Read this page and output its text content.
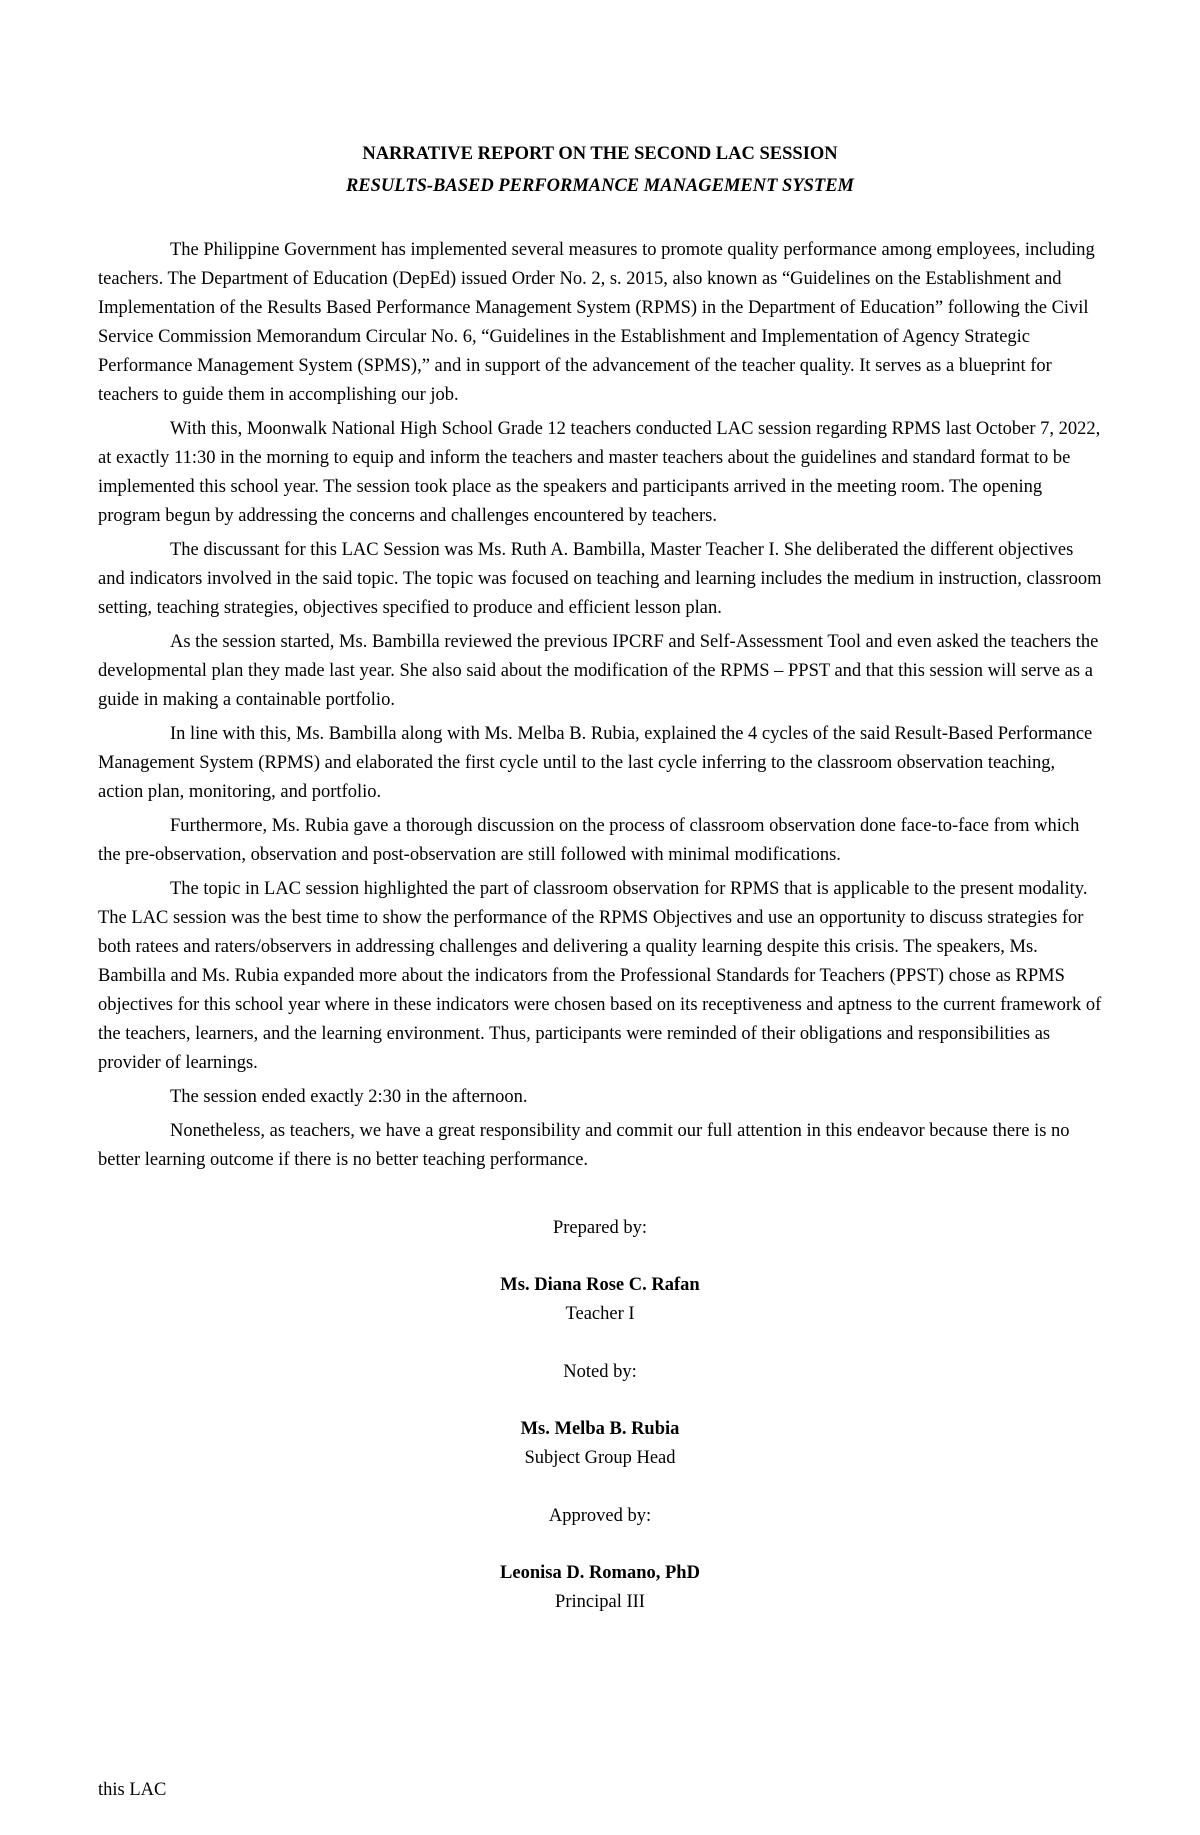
NARRATIVE REPORT ON THE SECOND LAC SESSION

RESULTS-BASED PERFORMANCE MANAGEMENT SYSTEM

The Philippine Government has implemented several measures to promote quality performance among employees, including teachers. The Department of Education (DepEd) issued Order No. 2, s. 2015, also known as “Guidelines on the Establishment and Implementation of the Results Based Performance Management System (RPMS) in the Department of Education” following the Civil Service Commission Memorandum Circular No. 6, “Guidelines in the Establishment and Implementation of Agency Strategic Performance Management System (SPMS),” and in support of the advancement of the teacher quality. It serves as a blueprint for teachers to guide them in accomplishing our job.

With this, Moonwalk National High School Grade 12 teachers conducted LAC session regarding RPMS last October 7, 2022, at exactly 11:30 in the morning to equip and inform the teachers and master teachers about the guidelines and standard format to be implemented this school year. The session took place as the speakers and participants arrived in the meeting room. The opening program begun by addressing the concerns and challenges encountered by teachers.

The discussant for this LAC Session was Ms. Ruth A. Bambilla, Master Teacher I. She deliberated the different objectives and indicators involved in the said topic. The topic was focused on teaching and learning includes the medium in instruction, classroom setting, teaching strategies, objectives specified to produce and efficient lesson plan.

As the session started, Ms. Bambilla reviewed the previous IPCRF and Self-Assessment Tool and even asked the teachers the developmental plan they made last year. She also said about the modification of the RPMS – PPST and that this session will serve as a guide in making a containable portfolio.

In line with this, Ms. Bambilla along with Ms. Melba B. Rubia, explained the 4 cycles of the said Result-Based Performance Management System (RPMS) and elaborated the first cycle until to the last cycle inferring to the classroom observation teaching, action plan, monitoring, and portfolio.

Furthermore, Ms. Rubia gave a thorough discussion on the process of classroom observation done face-to-face from which the pre-observation, observation and post-observation are still followed with minimal modifications.

The topic in LAC session highlighted the part of classroom observation for RPMS that is applicable to the present modality. The LAC session was the best time to show the performance of the RPMS Objectives and use an opportunity to discuss strategies for both ratees and raters/observers in addressing challenges and delivering a quality learning despite this crisis. The speakers, Ms. Bambilla and Ms. Rubia expanded more about the indicators from the Professional Standards for Teachers (PPST) chose as RPMS objectives for this school year where in these indicators were chosen based on its receptiveness and aptness to the current framework of the teachers, learners, and the learning environment. Thus, participants were reminded of their obligations and responsibilities as provider of learnings.

The session ended exactly 2:30 in the afternoon.

Nonetheless, as teachers, we have a great responsibility and commit our full attention in this endeavor because there is no better learning outcome if there is no better teaching performance.

Prepared by:

Ms. Diana Rose C. Rafan

Teacher I

Noted by:

Ms. Melba B. Rubia

Subject Group Head

Approved by:

Leonisa D. Romano, PhD

Principal III

this LAC
